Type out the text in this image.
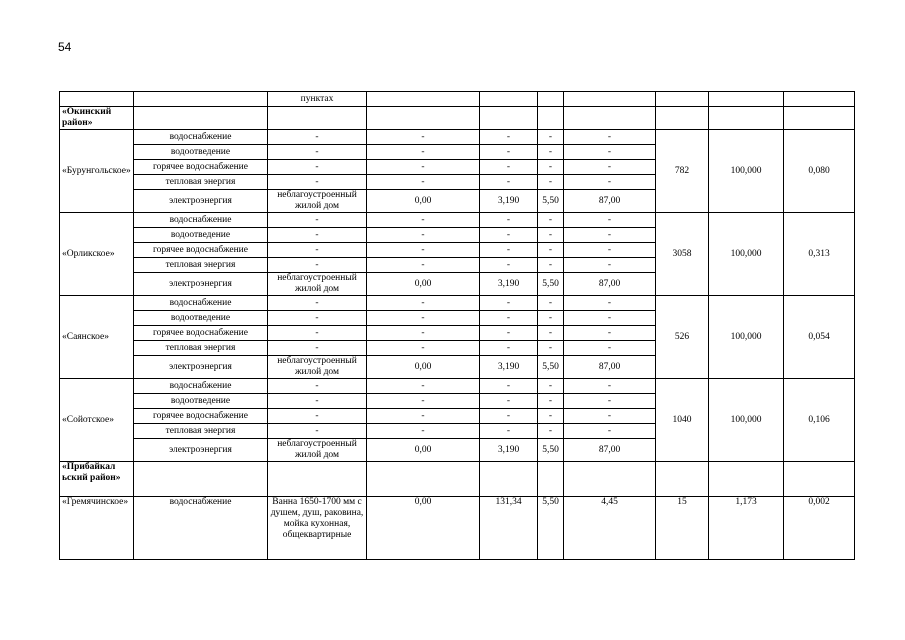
54
		пунктах							
«Окинский район»									
«Бурунгольское»	водоснабжение	-	-	-	-	-	782	100,000	0,080
	водоотведение	-	-	-	-	-			
	горячее водоснабжение	-	-	-	-	-			
	тепловая энергия	-	-	-	-	-			
	электроэнергия	неблагоустроенный жилой дом	0,00	3,190	5,50	87,00			
«Орликское»	водоснабжение	-	-	-	-	-	3058	100,000	0,313
	водоотведение	-	-	-	-	-			
	горячее водоснабжение	-	-	-	-	-			
	тепловая энергия	-	-	-	-	-			
	электроэнергия	неблагоустроенный жилой дом	0,00	3,190	5,50	87,00			
«Саянское»	водоснабжение	-	-	-	-	-	526	100,000	0,054
	водоотведение	-	-	-	-	-			
	горячее водоснабжение	-	-	-	-	-			
	тепловая энергия	-	-	-	-	-			
	электроэнергия	неблагоустроенный жилой дом	0,00	3,190	5,50	87,00			
«Сойотское»	водоснабжение	-	-	-	-	-	1040	100,000	0,106
	водоотведение	-	-	-	-	-			
	горячее водоснабжение	-	-	-	-	-			
	тепловая энергия	-	-	-	-	-			
	электроэнергия	неблагоустроенный жилой дом	0,00	3,190	5,50	87,00			
«Прибайкал ьский район»									
«Гремячинское»	водоснабжение	Ванна 1650-1700 мм с душем, душ, раковина, мойка кухонная, общеквартирные	0,00	131,34	5,50	4,45	15	1,173	0,002
